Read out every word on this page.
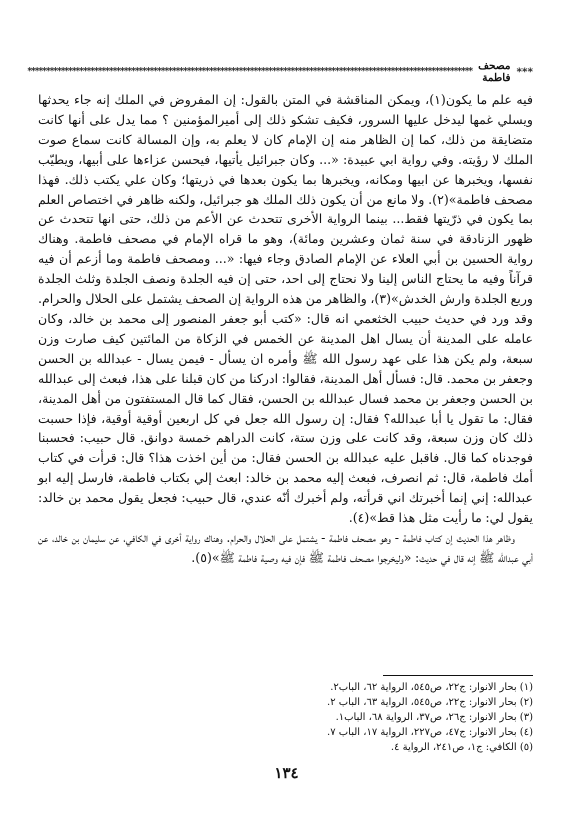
***
مصحف فاطمة
************************************************************************************************************************

فيه علم ما يكون(١)، ويمكن المناقشة في المتن بالقول: إن المفروض في الملك إنه جاء يحدثها ويسلي غمها ليدخل عليها السرور، فكيف تشكو ذلك إلى أميرالمؤمنين ؟ مما يدل على أنها كانت متضايقة من ذلك، كما إن الظاهر منه إن الإمام كان لا يعلم به، وإن المسالة كانت سماع صوت الملك لا رؤيته. وفي رواية ابي عبيدة: «... وكان جبرائيل يأتيها، فيحسن عزاءها على أبيها، ويطيّب نفسها، ويخبرها عن ابيها ومكانه، ويخبرها بما يكون بعدها في ذريتها؛ وكان علي يكتب ذلك. فهذا مصحف فاطمة»(٢). ولا مانع من أن يكون ذلك الملك هو جبرائيل، ولكنه ظاهر في اختصاص العلم بما يكون في ذرّيتها فقط... بينما الرواية الأخرى تتحدث عن الأعم من ذلك، حتى انها تتحدث عن ظهور الزنادقة في سنة ثمان وعشرين ومائة)، وهو ما قراه الإمام في مصحف فاطمة. وهناك رواية الحسين بن أبي العلاء عن الإمام الصادق وجاء فيها: «... ومصحف فاطمة وما أزعم أن فيه قرآناً وفيه ما يحتاج الناس إلينا ولا نحتاج إلى احد، حتى إن فيه الجلدة ونصف الجلدة وثلث الجلدة وربع الجلدة وارش الخدش»(٣)، والظاهر من هذه الرواية إن الصحف يشتمل على الحلال والحرام. وقد ورد في حديث حبيب الخثعمي انه قال: «كتب أبو جعفر المنصور إلى محمد بن خالد، وكان عامله على المدينة أن يسال اهل المدينة عن الخمس في الزكاة من المائتين كيف صارت وزن سبعة، ولم يكن هذا على عهد رسول الله ﷺ وأمره ان يسأل - فيمن يسال - عبدالله بن الحسن وجعفر بن محمد. قال: فسأل أهل المدينة، فقالوا: ادركنا من كان قبلنا على هذا، فبعث إلى عبدالله بن الحسن وجعفر بن محمد فسال عبدالله بن الحسن، فقال كما قال المستفتون من أهل المدينة، فقال: ما تقول يا أبا عبدالله؟ فقال: إن رسول الله جعل في كل اربعين أوقية أوقية، فإذا حسبت ذلك كان وزن سبعة، وقد كانت على وزن ستة، كانت الدراهم خمسة دوانق. قال حبيب: فحسبنا فوجدناه كما قال. فاقبل عليه عبدالله بن الحسن فقال: من أين اخذت هذا؟ قال: قرأت في كتاب أمك فاطمة، قال: ثم انصرف، فبعث إليه محمد بن خالد: ابعث إلي بكتاب فاطمة، فارسل إليه ابو عبدالله: إني إنما أخبرتك اني قرأته، ولم أخبرك أنّه عندي، قال حبيب: فجعل يقول محمد بن خالد: يقول لي: ما رأيت مثل هذا قط»(٤).

وظاهر هذا الحديث إن كتاب فاطمة - وهو مصحف فاطمة - يشتمل على الحلال والحرام. وهناك رواية أخرى في الكافي، عن سليمان بن خالد، عن أبي عبدالله ﷺ إنه قال في حديث: «وليخرجوا مصحف فاطمة ﷺ فإن فيه وصية فاطمة ﷺ»(٥).

(١) بحار الانوار: ج٢٢، ص٥٤٥، الرواية ٦٢، الباب٢.
(٢) بحار الانوار: ج٢٢، ص٥٤٥، الرواية ٦٣، الباب ٢.
(٣) بحار الانوار: ج٢٦، ص٣٧، الرواية ٦٨، الباب١.
(٤) بحار الانوار: ج٤٧، ص٢٢٧، الرواية ١٧، الباب ٧.
(٥) الكافي: ج١، ص٢٤١، الرواية ٤.
١٣٤
